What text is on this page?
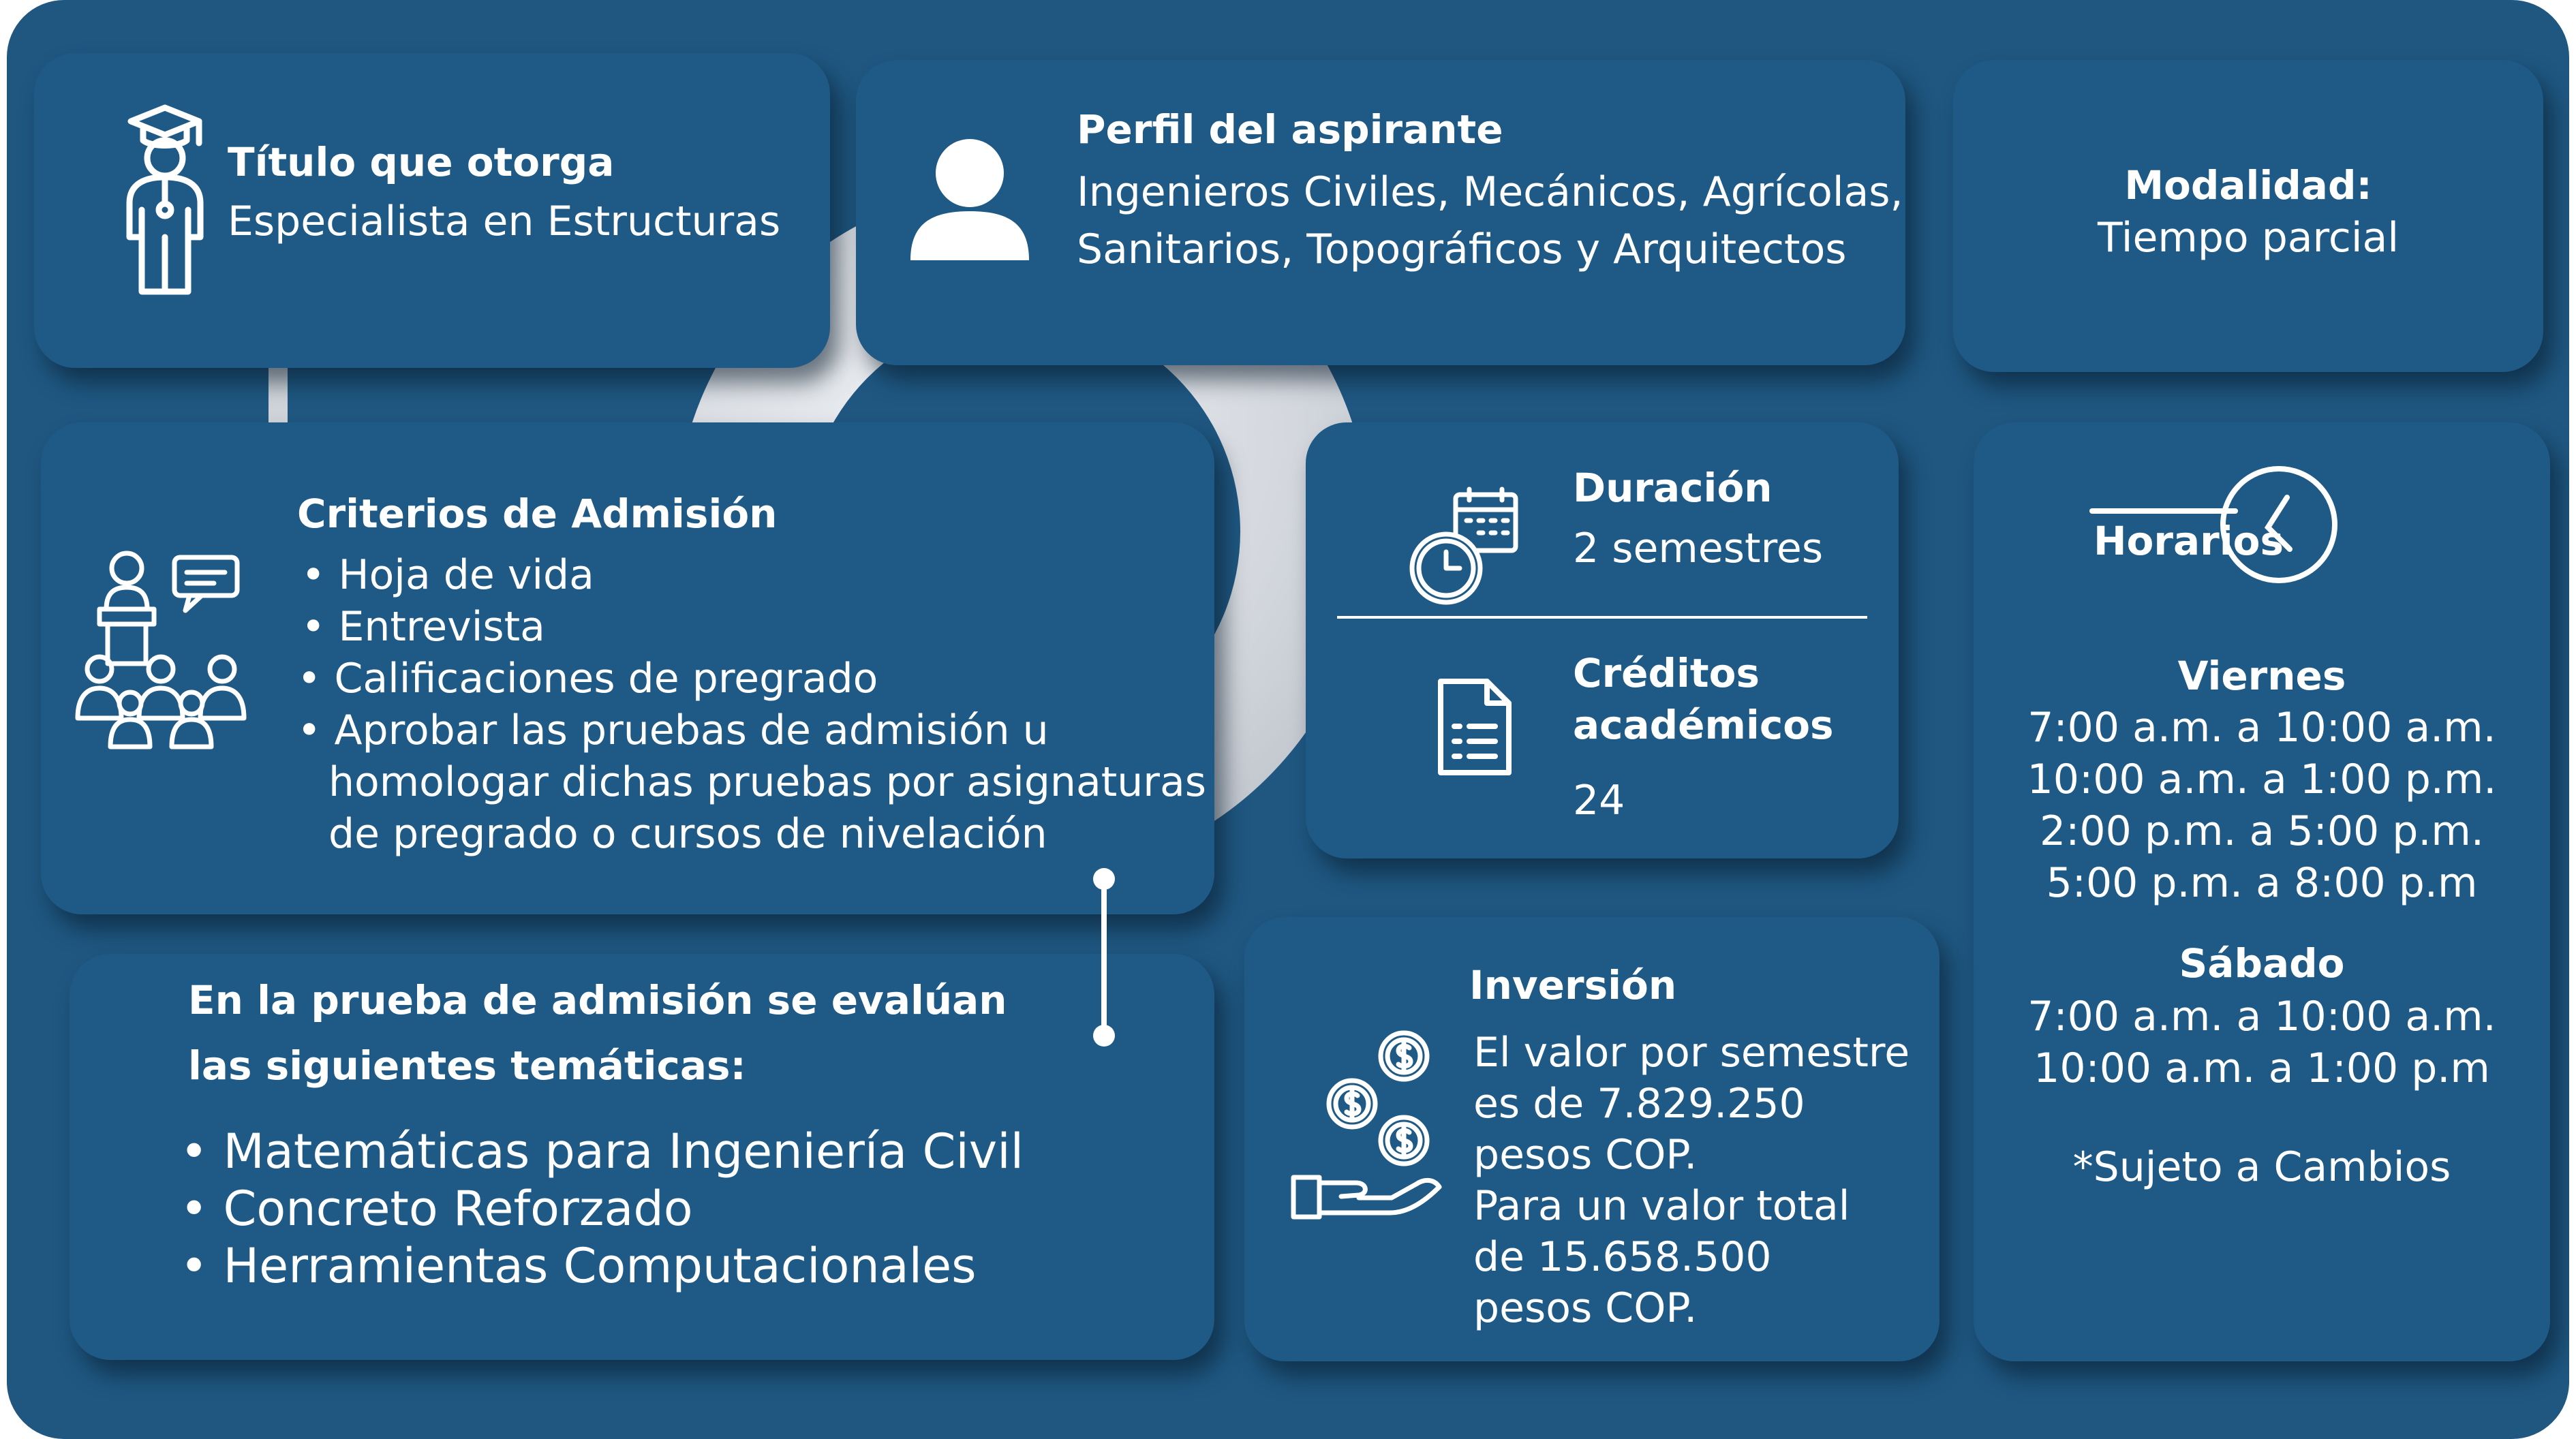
Título que otorga
Especialista en Estructuras
Perfil del aspirante
Ingenieros Civiles, Mecánicos, Agrícolas,
Sanitarios, Topográficos y Arquitectos
Modalidad:
Tiempo parcial
Criterios de Admisión
• Hoja de vida
• Entrevista
• Calificaciones de pregrado
• Aprobar las pruebas de admisión u
homologar dichas pruebas por asignaturas
de pregrado o cursos de nivelación
Duración
2 semestres
Créditos
académicos
24
Horarios
Viernes
7:00 a.m. a 10:00 a.m.
10:00 a.m. a 1:00 p.m.
2:00 p.m. a 5:00 p.m.
5:00 p.m. a 8:00 p.m
Sábado
7:00 a.m. a 10:00 a.m.
10:00 a.m. a 1:00 p.m
*Sujeto a Cambios
En la prueba de admisión se evalúan
las siguientes temáticas:
• Matemáticas para Ingeniería Civil
• Concreto Reforzado
• Herramientas Computacionales
Inversión
El valor por semestre
es de 7.829.250
pesos COP.
Para un valor total
de 15.658.500
pesos COP.
